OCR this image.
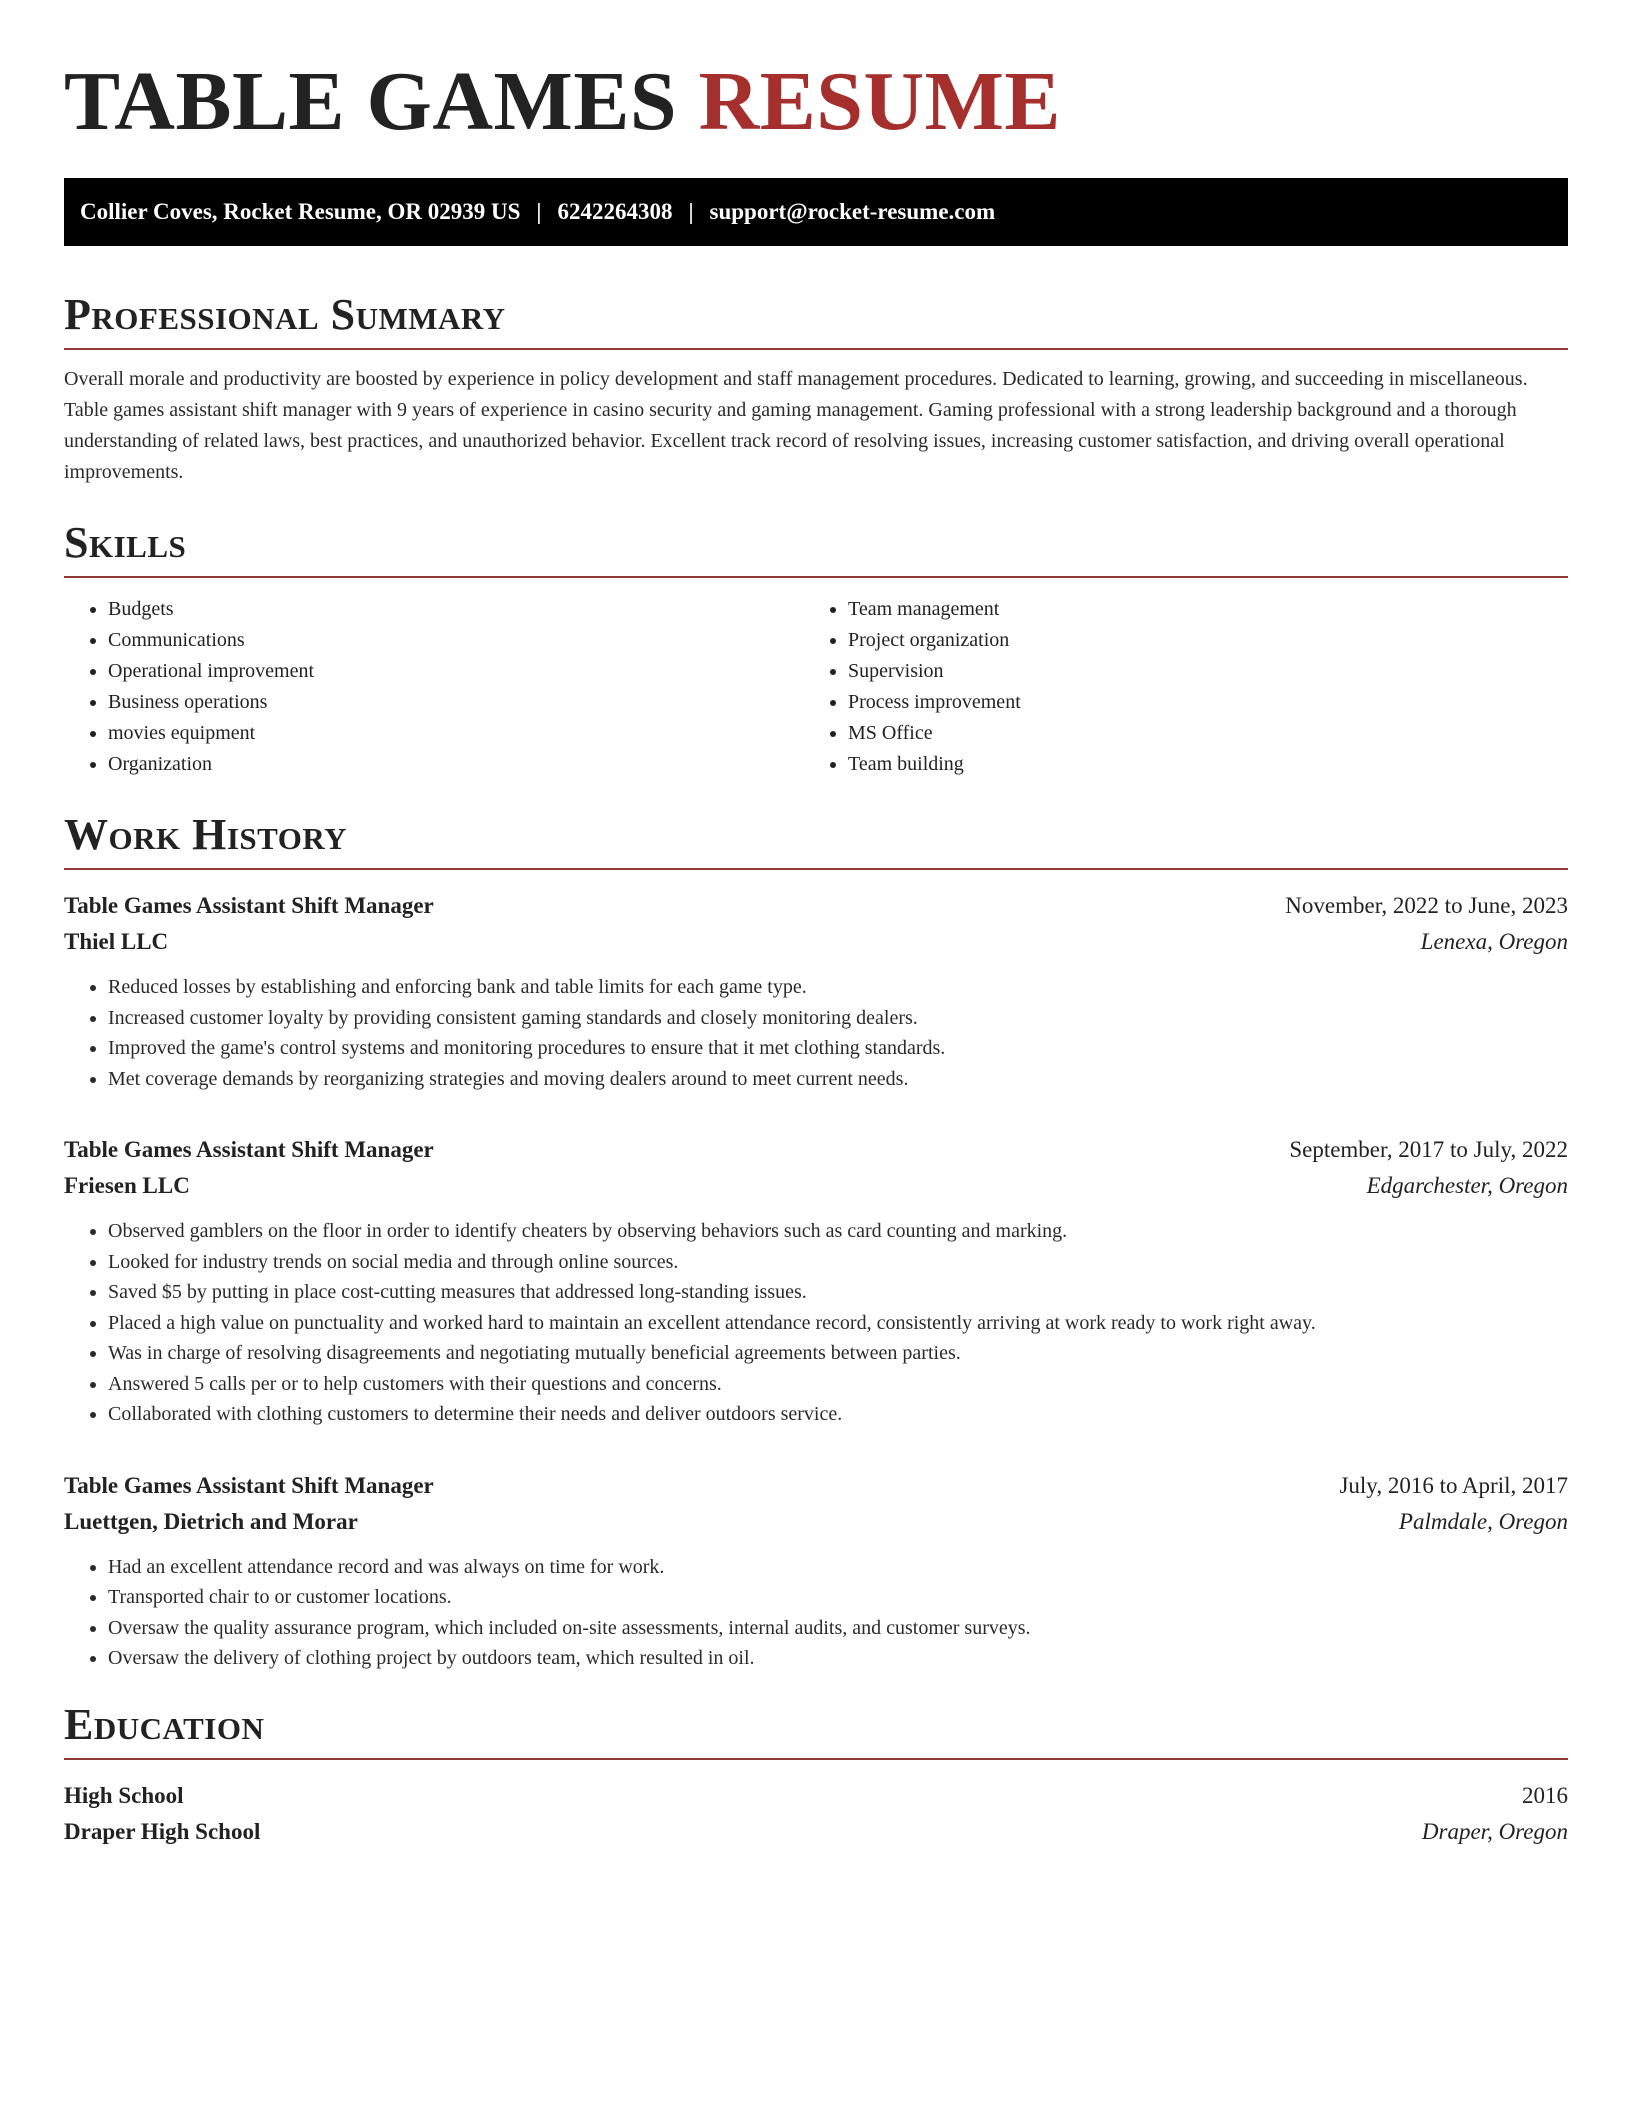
TABLE GAMES RESUME
Collier Coves, Rocket Resume, OR 02939 US | 6242264308 | support@rocket-resume.com
Professional Summary

Overall morale and productivity are boosted by experience in policy development and staff management procedures. Dedicated to learning, growing, and succeeding in miscellaneous. Table games assistant shift manager with 9 years of experience in casino security and gaming management. Gaming professional with a strong leadership background and a thorough understanding of related laws, best practices, and unauthorized behavior. Excellent track record of resolving issues, increasing customer satisfaction, and driving overall operational improvements.

Skills
• Budgets
• Communications
• Operational improvement
• Business operations
• movies equipment
• Organization
• Team management
• Project organization
• Supervision
• Process improvement
• MS Office
• Team building
Work History
Table Games Assistant Shift Manager	November, 2022 to June, 2023
Thiel LLC	Lenexa, Oregon
• Reduced losses by establishing and enforcing bank and table limits for each game type.
• Increased customer loyalty by providing consistent gaming standards and closely monitoring dealers.
• Improved the game's control systems and monitoring procedures to ensure that it met clothing standards.
• Met coverage demands by reorganizing strategies and moving dealers around to meet current needs.
Table Games Assistant Shift Manager	September, 2017 to July, 2022
Friesen LLC	Edgarchester, Oregon
• Observed gamblers on the floor in order to identify cheaters by observing behaviors such as card counting and marking.
• Looked for industry trends on social media and through online sources.
• Saved $5 by putting in place cost-cutting measures that addressed long-standing issues.
• Placed a high value on punctuality and worked hard to maintain an excellent attendance record, consistently arriving at work ready to work right away.
• Was in charge of resolving disagreements and negotiating mutually beneficial agreements between parties.
• Answered 5 calls per or to help customers with their questions and concerns.
• Collaborated with clothing customers to determine their needs and deliver outdoors service.
Table Games Assistant Shift Manager	July, 2016 to April, 2017
Luettgen, Dietrich and Morar	Palmdale, Oregon
• Had an excellent attendance record and was always on time for work.
• Transported chair to or customer locations.
• Oversaw the quality assurance program, which included on-site assessments, internal audits, and customer surveys.
• Oversaw the delivery of clothing project by outdoors team, which resulted in oil.
Education
High School	2016
Draper High School	Draper, Oregon
